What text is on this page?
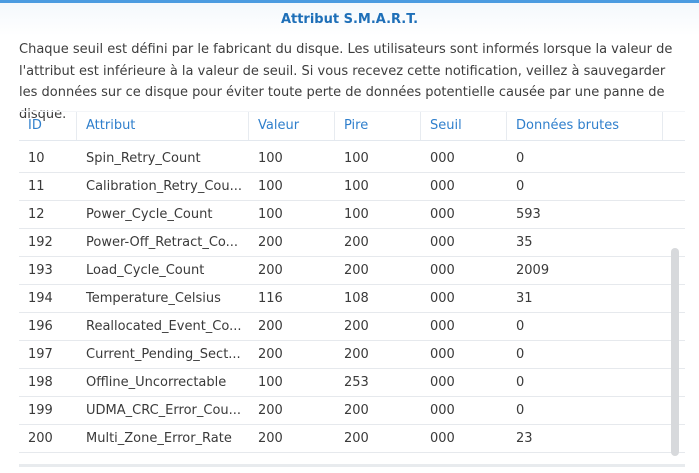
Attribut S.M.A.R.T.
Chaque seuil est défini par le fabricant du disque. Les utilisateurs sont informés lorsque la valeur de l'attribut est inférieure à la valeur de seuil. Si vous recevez cette notification, veillez à sauvegarder les données sur ce disque pour éviter toute perte de données potentielle causée par une panne de disque.
ID	Attribut	Valeur	Pire	Seuil	Données brutes
10	Spin_Retry_Count	100	100	000	0
11	Calibration_Retry_Cou...	100	100	000	0
12	Power_Cycle_Count	100	100	000	593
192	Power-Off_Retract_Co...	200	200	000	35
193	Load_Cycle_Count	200	200	000	2009
194	Temperature_Celsius	116	108	000	31
196	Reallocated_Event_Co...	200	200	000	0
197	Current_Pending_Sect...	200	200	000	0
198	Offline_Uncorrectable	100	253	000	0
199	UDMA_CRC_Error_Cou...	200	200	000	0
200	Multi_Zone_Error_Rate	200	200	000	23
